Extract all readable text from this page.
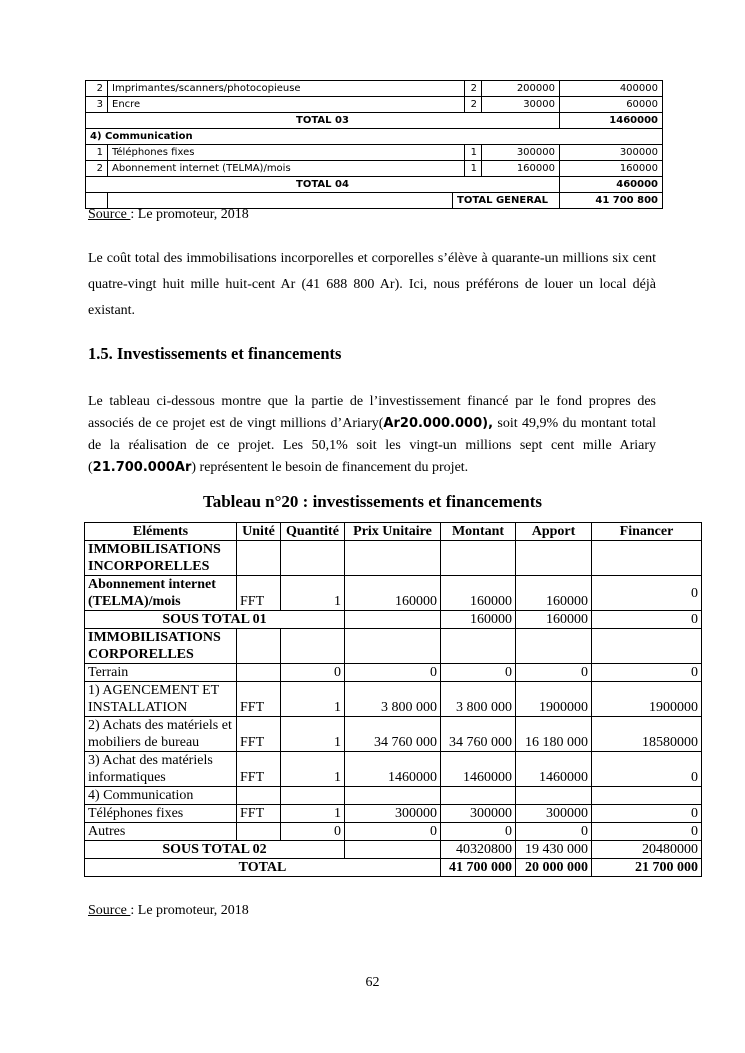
2	Imprimantes/scanners/photocopieuse		2	200000	400000
3	Encre		2	30000	60000
TOTAL 03					1460000
4) Communication					
1	Téléphones fixes		1	300000	300000
2	Abonnement internet (TELMA)/mois		1	160000	160000
TOTAL 04					460000
		TOTAL GENERAL			41 700 800
Source : Le promoteur, 2018
Le coût total des immobilisations incorporelles et corporelles s’élève à quarante-un millions six cent quatre-vingt huit mille huit-cent Ar (41 688 800 Ar). Ici, nous préférons de louer un local déjà existant.
1.5. Investissements et financements
Le tableau ci-dessous montre que la partie de l’investissement financé par le fond propres des associés de ce projet est de vingt millions d’Ariary(Ar20.000.000), soit 49,9% du montant total de la réalisation de ce projet. Les 50,1% soit les vingt-un millions sept cent mille Ariary (21.700.000Ar) représentent le besoin de financement du projet.
Tableau n°20 : investissements et financements
Eléments	Unité	Quantité	Prix Unitaire	Montant	Apport	Financer
IMMOBILISATIONS INCORPORELLES						
Abonnement internet (TELMA)/mois	FFT	1	160000	160000	160000	0
SOUS TOTAL 01				160000	160000	0
IMMOBILISATIONS CORPORELLES						
Terrain		0	0	0	0	0
1) AGENCEMENT ET INSTALLATION	FFT	1	3 800 000	3 800 000	1900000	1900000
2) Achats des matériels et mobiliers de bureau	FFT	1	34 760 000	34 760 000	16 180 000	18580000
3) Achat des matériels informatiques	FFT	1	1460000	1460000	1460000	0
4) Communication						
Téléphones fixes	FFT	1	300000	300000	300000	0
Autres		0	0	0	0	0
SOUS TOTAL 02				40320800	19 430 000	20480000
TOTAL				41 700 000	20 000 000	21 700 000
Source : Le promoteur, 2018
62
